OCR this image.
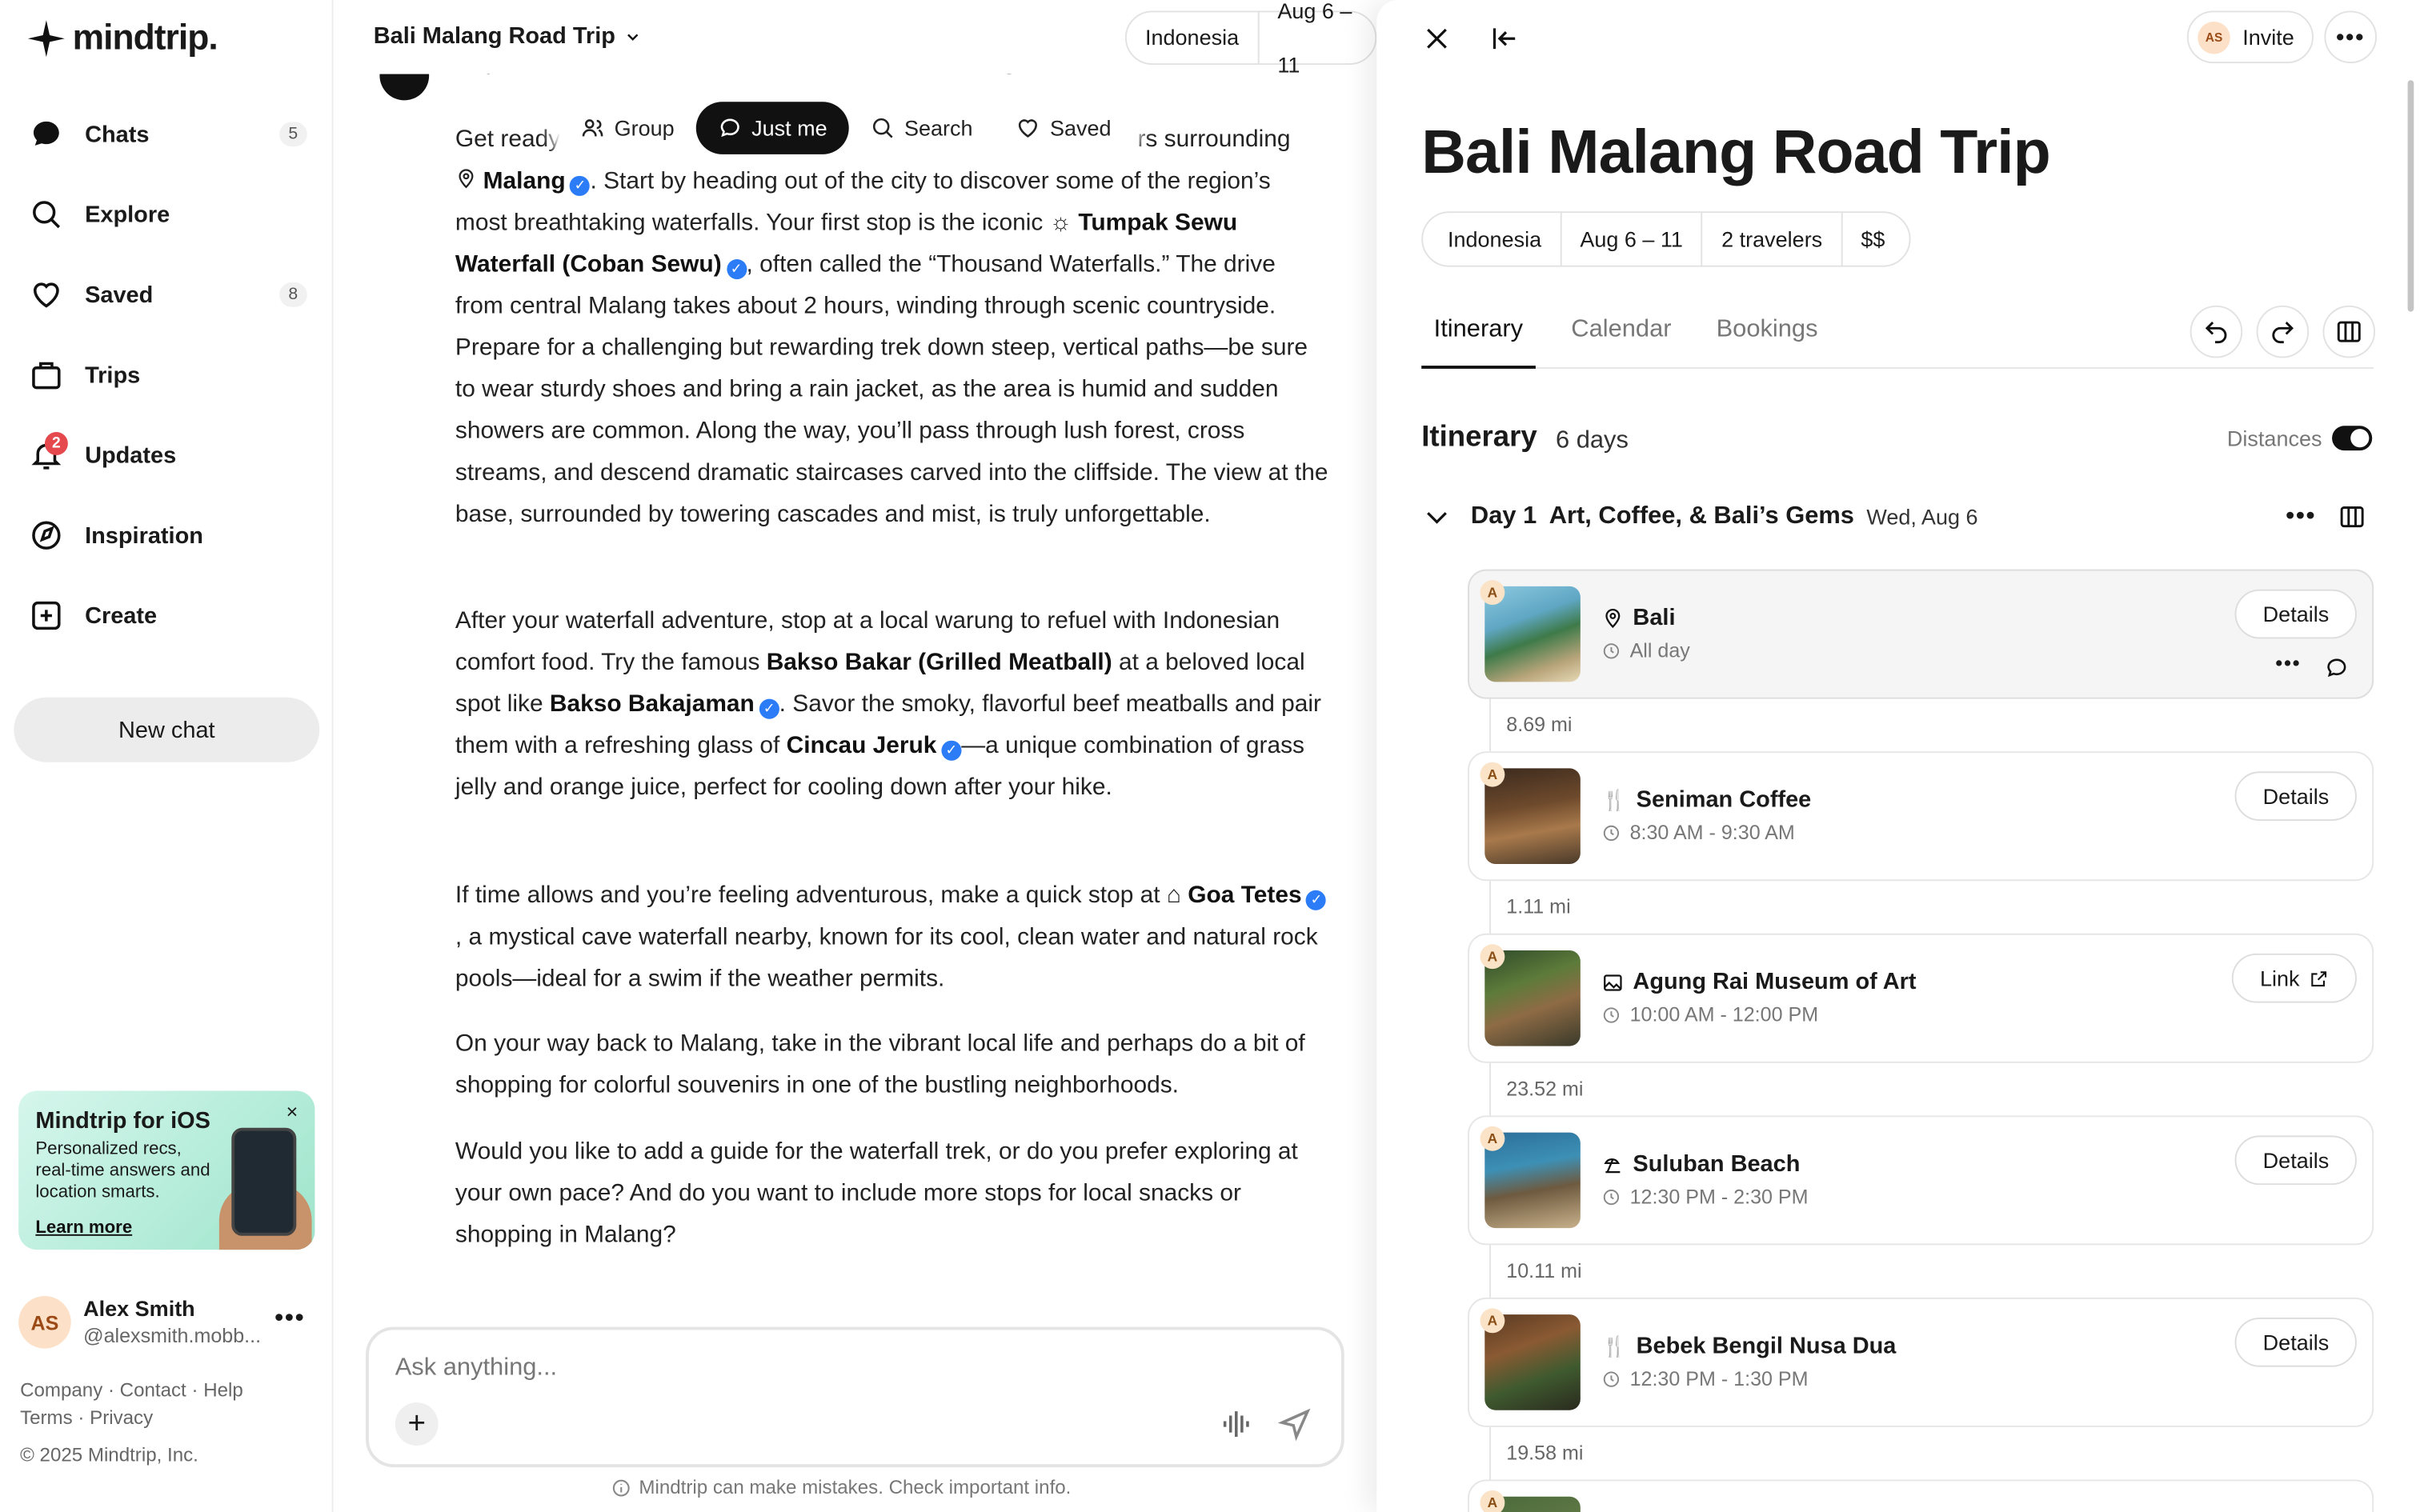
mindtrip.
Chats	5
Explore
Saved	8
Trips
2	Updates
Inspiration
Create
New chat
Mindtrip for iOS

Personalized recs, real-time answers and location smarts.

Learn more
×
AS
Alex Smith
@alexsmith.mobb...
•••
Company · Contact · Help
Terms · Privacy
© 2025 Mindtrip, Inc.
Bali Malang Road Trip	Indonesia
Aug 6 – 11
Get ready	rs surrounding
Malang ✓ . Start by heading out of the city to discover some of the region’s most breathtaking waterfalls. Your first stop is the iconic ☼ Tumpak Sewu Waterfall (Coban Sewu) ✓ , often called the “Thousand Waterfalls.” The drive from central Malang takes about 2 hours, winding through scenic countryside. Prepare for a challenging but rewarding trek down steep, vertical paths—be sure to wear sturdy shoes and bring a rain jacket, as the area is humid and sudden showers are common. Along the way, you’ll pass through lush forest, cross streams, and descend dramatic staircases carved into the cliffside. The view at the base, surrounded by towering cascades and mist, is truly unforgettable.
Group	Just me	Search	Saved
After your waterfall adventure, stop at a local warung to refuel with Indonesian comfort food. Try the famous Bakso Bakar (Grilled Meatball) at a beloved local spot like Bakso Bakajaman ✓ . Savor the smoky, flavorful beef meatballs and pair them with a refreshing glass of Cincau Jeruk ✓ —a unique combination of grass jelly and orange juice, perfect for cooling down after your hike.
If time allows and you’re feeling adventurous, make a quick stop at ⌂ Goa Tetes ✓, a mystical cave waterfall nearby, known for its cool, clean water and natural rock pools—ideal for a swim if the weather permits.
On your way back to Malang, take in the vibrant local life and perhaps do a bit of shopping for colorful souvenirs in one of the bustling neighborhoods.
Would you like to add a guide for the waterfall trek, or do you prefer exploring at your own pace? And do you want to include more stops for local snacks or shopping in Malang?
Ask anything...
+
Mindtrip can make mistakes. Check important info.
AS	Invite	•••
Bali Malang Road Trip
Indonesia	Aug 6 – 11	2 travelers	$$
Itinerary	Calendar	Bookings
Itinerary 6 days	Distances
Day 1 Art, Coffee, & Bali’s Gems Wed, Aug 6	•••
A
Bali
All day
Details
•••
8.69 mi
A
🍴 Seniman Coffee
8:30 AM - 9:30 AM
Details
1.11 mi
A
Agung Rai Museum of Art
10:00 AM - 12:00 PM
Link
23.52 mi
A
Suluban Beach
12:30 PM - 2:30 PM
Details
10.11 mi
A
🍴 Bebek Bengil Nusa Dua
12:30 PM - 1:30 PM
Details
19.58 mi
A
